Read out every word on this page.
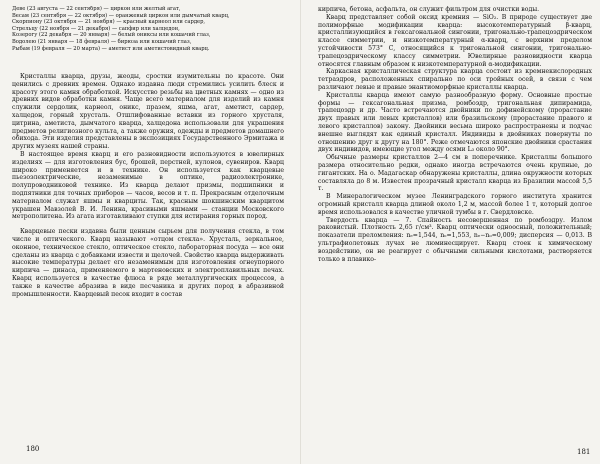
Деве (23 августа — 22 сентября) — циркон или желтый агат,
Весам (23 сентября — 22 октября) — оранжевый циркон или дымчатый кварц,
Скорпиону (23 октября — 21 ноября) — красный карнеол или сардер,
Стрельцу (22 ноября — 21 декабря) — сапфир или халцедон,
Козерогу (22 декабря — 20 января) — белый ониксы или кошачий глаз,
Водолею (21 января — 18 февраля) — бирюза или кошачий глаз,
Рыбам (19 февраля — 20 марта) — аметист или аметистовидный кварц.

Кристаллы кварца, друзы, жеоды, сростки изумительны по красоте. Они ценились с древних времен. Однако издавна люди стремились усилить блеск и красоту этого камня обработкой. Искусство резьбы на цветных камнях — одно из древних видов обработки камня. Чаще всего материалом для изделий из камня служили сердолик, карнеол, оникс, празем, яшма, агат, аметист, сардер, халцедон, горный хрусталь. Отшлифованные вставки из горного хрусталя, цитрина, аметиста, дымчатого кварца, халцедона использовали для украшения предметов религиозного культа, а также оружия, одежды и предметов домашнего обихода. Эти изделия представлены в экспозициях Государственного Эрмитажа и других музеях нашей страны.

В настоящее время кварц и его разновидности используются в ювелирных изделиях — для изготовления бус, брошей, перстней, кулонов, сувениров. Кварц широко применяется и в технике. Он используется как кварцевые пьезоэлектрические, незаменимые в оптике, радиоэлектронике, полупроводниковой технике. Из кварца делают призмы, подшипники и подпятники для точных приборов — часов, весов и т. п. Прекрасным отделочным материалом служат яшмы и кварциты. Так, красным шокшинским кварцитом украшен Мавзолей В. И. Ленина, красивыми яшмами — станции Московского метрополитена. Из агата изготавливают ступки для истирания горных пород.

Кварцевые пески издавна были ценным сырьем для получения стекла, в том числе и оптического. Кварц называют «отцом стекла». Хрусталь, зеркальное, оконное, техническое стекло, оптическое стекло, лабораторная посуда — все они сделаны из кварца с добавками извести и щелочей. Свойство кварца выдерживать высокие температуры делает его незаменимым для изготовления огнеупорного кирпича — динаса, применяемого в мартеновских и электроплавильных печах. Кварц используется в качестве флюса в ряде металлургических процессов, а также в качестве абразива в виде песчаника и других пород в абразивной промышленности. Кварцевый песок входит в состав

180

кирпича, бетона, асфальта, он служит фильтром для очистки воды.

Кварц представляет собой оксид кремния — SiO₂. В природе существует две полиморфные модификации кварца: высокотемпературный β-кварц, кристаллизующийся в гексагональной сингонии, тригонально-трапецоэдрическом классе симметрии, и низкотемпературный α-кварц, с верхним пределом устойчивости 573° С, относящийся к тригональной сингонии, тригонально-трапецоэдрическому классу симметрии. Ювелирные разновидности кварца относятся главным образом к низкотемпературной α-модификации.

Каркасная кристаллическая структура кварца состоит из кремнекислородных тетраэдров, расположенных спирально по оси тройных осей, в связи с чем различают левые и правые энантиоморфные кристаллы кварца.

Кристаллы кварца имеют самую разнообразную форму. Основные простые формы — гексагональная призма, ромбоэдр, тригональная дипирамида, трапецоэдр и др. Часто встречаются двойники по дофинейскому (прорастание двух правых или левых кристаллов) или бразильскому (прорастание правого и левого кристаллов) закону. Двойники весьма широко распространены и подчас внешне выглядят как единый кристалл. Индивиды в двойниках повернуты по отношению друг к другу на 180°. Реже отмечаются японские двойники срастания двух индивидов, имеющие угол между осями L₃ около 90°.

Обычные размеры кристаллов 2—4 см в поперечнике. Кристаллы большого размера относительно редки, однако иногда встречаются очень крупные, до гигантских. На о. Мадагаскар обнаружены кристаллы, длина окружности которых составляла до 8 м. Известен прозрачный кристалл кварца из Бразилии массой 5,5 т.

В Минералогическом музее Ленинградского горного института хранится огромный кристалл кварца длиной около 1,2 м, массой более 1 т, который долгое время использовался в качестве уличной тумбы в г. Свердловске.

Твердость кварца — 7. Спайность несовершенная по ромбоэдру. Излом раковистый. Плотность 2,65 г/см³. Кварц оптически одноосный, положительный; показатели преломления: nₑ=1,544, nₒ=1,553, nₑ−nₒ=0,009; дисперсия — 0,013. В ультрафиолетовых лучах не люминесцирует. Кварц стоек к химическому воздействию, он не реагирует с обычными сильными кислотами, растворяется только в плавико-

181
